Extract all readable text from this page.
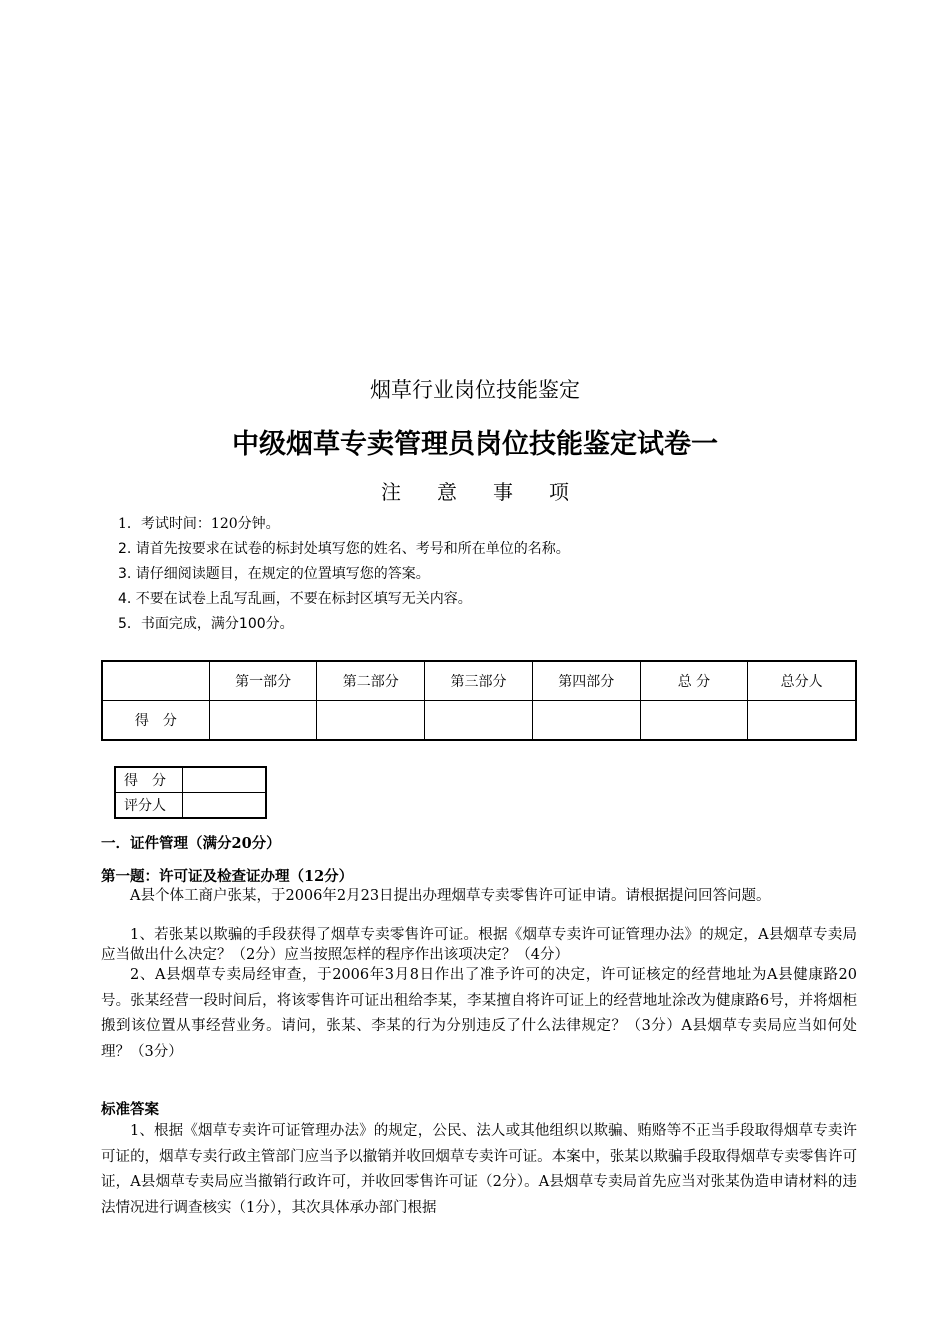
烟草行业岗位技能鉴定
中级烟草专卖管理员岗位技能鉴定试卷一
注 意 事 项
1．考试时间：120分钟。
2. 请首先按要求在试卷的标封处填写您的姓名、考号和所在单位的名称。
3. 请仔细阅读题目，在规定的位置填写您的答案。
4. 不要在试卷上乱写乱画，不要在标封区填写无关内容。
5．书面完成，满分100分。
	第一部分	第二部分	第三部分	第四部分	总 分	总分人
得　分						
得　分	
评分人	
一．证件管理（满分20分）
第一题：许可证及检查证办理（12分）
A县个体工商户张某，于2006年2月23日提出办理烟草专卖零售许可证申请。请根据提问回答问题。
1、若张某以欺骗的手段获得了烟草专卖零售许可证。根据《烟草专卖许可证管理办法》的规定，A县烟草专卖局应当做出什么决定？（2分）应当按照怎样的程序作出该项决定？（4分）
2、A县烟草专卖局经审查，于2006年3月8日作出了准予许可的决定，许可证核定的经营地址为A县健康路20号。张某经营一段时间后，将该零售许可证出租给李某，李某擅自将许可证上的经营地址涂改为健康路6号，并将烟柜搬到该位置从事经营业务。请问，张某、李某的行为分别违反了什么法律规定？（3分）A县烟草专卖局应当如何处理？（3分）
标准答案
1、根据《烟草专卖许可证管理办法》的规定，公民、法人或其他组织以欺骗、贿赂等不正当手段取得烟草专卖许可证的，烟草专卖行政主管部门应当予以撤销并收回烟草专卖许可证。本案中，张某以欺骗手段取得烟草专卖零售许可证，A县烟草专卖局应当撤销行政许可，并收回零售许可证（2分）。A县烟草专卖局首先应当对张某伪造申请材料的违法情况进行调查核实（1分），其次具体承办部门根据
